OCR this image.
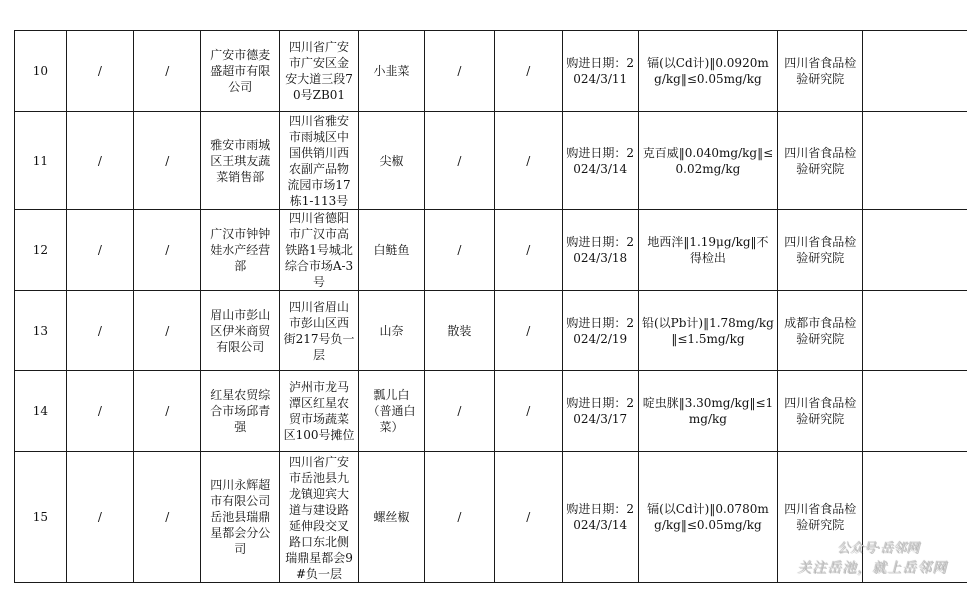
10	/	/	广安市德麦盛超市有限公司	四川省广安市广安区金安大道三段70号ZB01	小韭菜	/	/	购进日期：2024/3/11	镉(以Cd计)‖0.0920mg/kg‖≤0.05mg/kg	四川省食品检验研究院	
11	/	/	雅安市雨城区王琪友蔬菜销售部	四川省雅安市雨城区中国供销川西农副产品物流园市场17栋1-113号	尖椒	/	/	购进日期：2024/3/14	克百威‖0.040mg/kg‖≤0.02mg/kg	四川省食品检验研究院	
12	/	/	广汉市钟钟娃水产经营部	四川省德阳市广汉市高铁路1号城北综合市场A-3号	白鲢鱼	/	/	购进日期：2024/3/18	地西泮‖1.19μg/kg‖不得检出	四川省食品检验研究院	
13	/	/	眉山市彭山区伊米商贸有限公司	四川省眉山市彭山区西街217号负一层	山奈	散装	/	购进日期：2024/2/19	铅(以Pb计)‖1.78mg/kg‖≤1.5mg/kg	成都市食品检验研究院	
14	/	/	红星农贸综合市场邱青强	泸州市龙马潭区红星农贸市场蔬菜区100号摊位	瓢儿白（普通白菜）	/	/	购进日期：2024/3/17	啶虫脒‖3.30mg/kg‖≤1mg/kg	四川省食品检验研究院	
15	/	/	四川永辉超市有限公司岳池县瑞鼎星都会分公司	四川省广安市岳池县九龙镇迎宾大道与建设路延伸段交叉路口东北侧瑞鼎星都会9#负一层	螺丝椒	/	/	购进日期：2024/3/14	镉(以Cd计)‖0.0780mg/kg‖≤0.05mg/kg	四川省食品检验研究院	
公众号·岳邻网
关注岳池，就上岳邻网
